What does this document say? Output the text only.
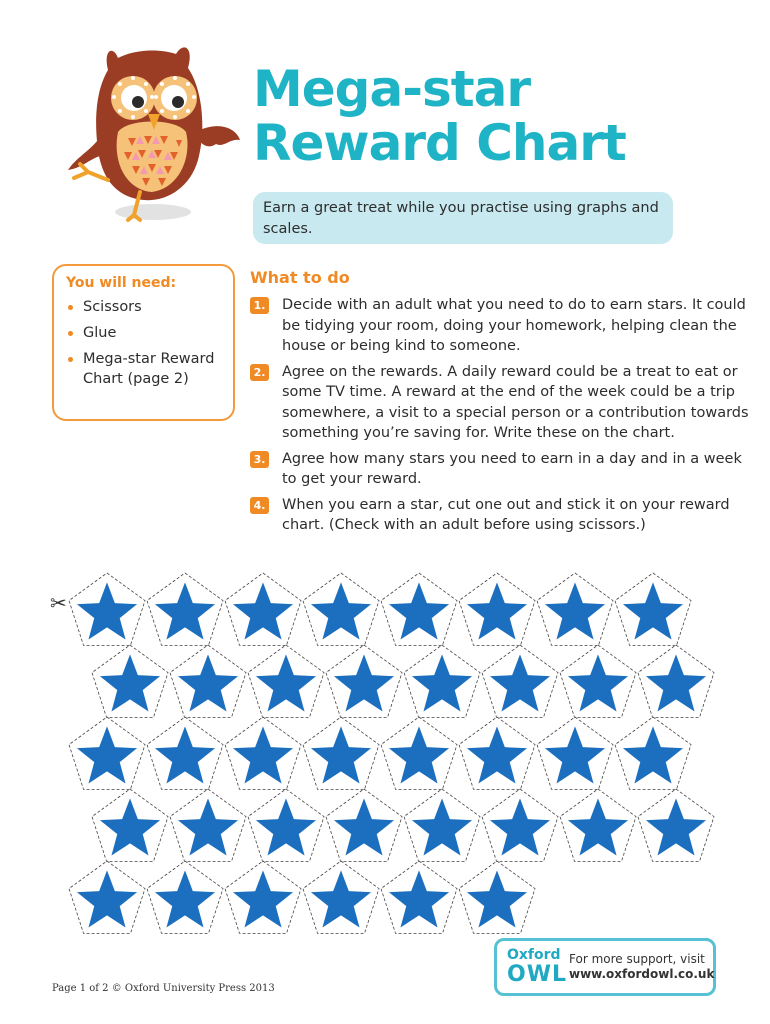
Mega-star
Reward Chart
Earn a great treat while you practise using graphs and scales.
You will need:
Scissors
Glue
Mega-star Reward Chart (page 2)
What to do
1. Decide with an adult what you need to do to earn stars. It could be tidying your room, doing your homework, helping clean the house or being kind to someone.
2. Agree on the rewards. A daily reward could be a treat to eat or some TV time. A reward at the end of the week could be a trip somewhere, a visit to a special person or a contribution towards something you’re saving for. Write these on the chart.
3. Agree how many stars you need to earn in a day and in a week to get your reward.
4. When you earn a star, cut one out and stick it on your reward chart. (Check with an adult before using scissors.)
✂
Page 1 of 2 © Oxford University Press 2013
Oxford
OWL
For more support, visit
www.oxfordowl.co.uk
